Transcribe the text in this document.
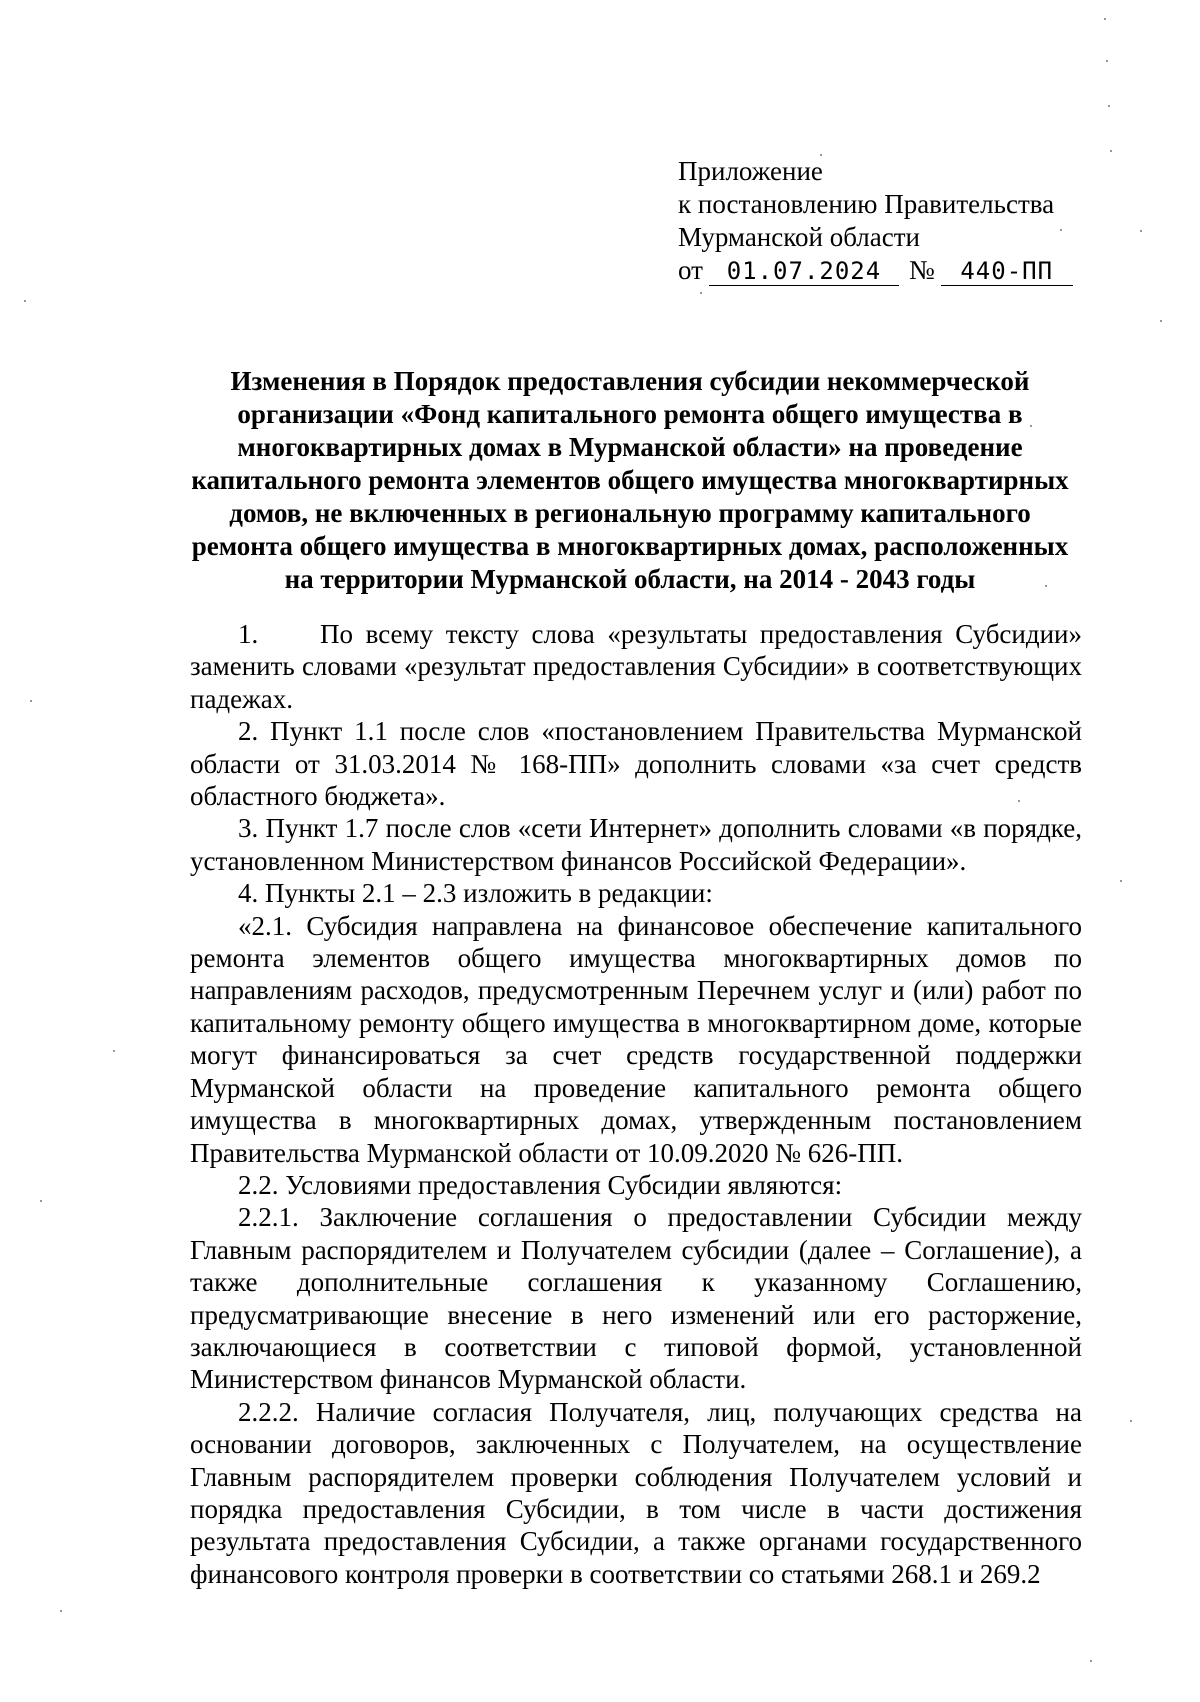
Приложение
к постановлению Правительства
Мурманской области
от 01.07.2024 № 440-ПП
Изменения в Порядок предоставления субсидии некоммерческой организации «Фонд капитального ремонта общего имущества в многоквартирных домах в Мурманской области» на проведение капитального ремонта элементов общего имущества многоквартирных домов, не включенных в региональную программу капитального ремонта общего имущества в многоквартирных домах, расположенных на территории Мурманской области, на 2014 - 2043 годы

1. По всему тексту слова «результаты предоставления Субсидии» заменить словами «результат предоставления Субсидии» в соответствующих падежах.

2. Пункт 1.1 после слов «постановлением Правительства Мурманской области от 31.03.2014 № 168-ПП» дополнить словами «за счет средств областного бюджета».

3. Пункт 1.7 после слов «сети Интернет» дополнить словами «в порядке, установленном Министерством финансов Российской Федерации».

4. Пункты 2.1 – 2.3 изложить в редакции:

«2.1. Субсидия направлена на финансовое обеспечение капитального ремонта элементов общего имущества многоквартирных домов по направлениям расходов, предусмотренным Перечнем услуг и (или) работ по капитальному ремонту общего имущества в многоквартирном доме, которые могут финансироваться за счет средств государственной поддержки Мурманской области на проведение капитального ремонта общего имущества в многоквартирных домах, утвержденным постановлением Правительства Мурманской области от 10.09.2020 № 626-ПП.

2.2. Условиями предоставления Субсидии являются:

2.2.1. Заключение соглашения о предоставлении Субсидии между Главным распорядителем и Получателем субсидии (далее – Соглашение), а также дополнительные соглашения к указанному Соглашению, предусматривающие внесение в него изменений или его расторжение, заключающиеся в соответствии с типовой формой, установленной Министерством финансов Мурманской области.

2.2.2. Наличие согласия Получателя, лиц, получающих средства на основании договоров, заключенных с Получателем, на осуществление Главным распорядителем проверки соблюдения Получателем условий и порядка предоставления Субсидии, в том числе в части достижения результата предоставления Субсидии, а также органами государственного финансового контроля проверки в соответствии со статьями 268.1 и 269.2
